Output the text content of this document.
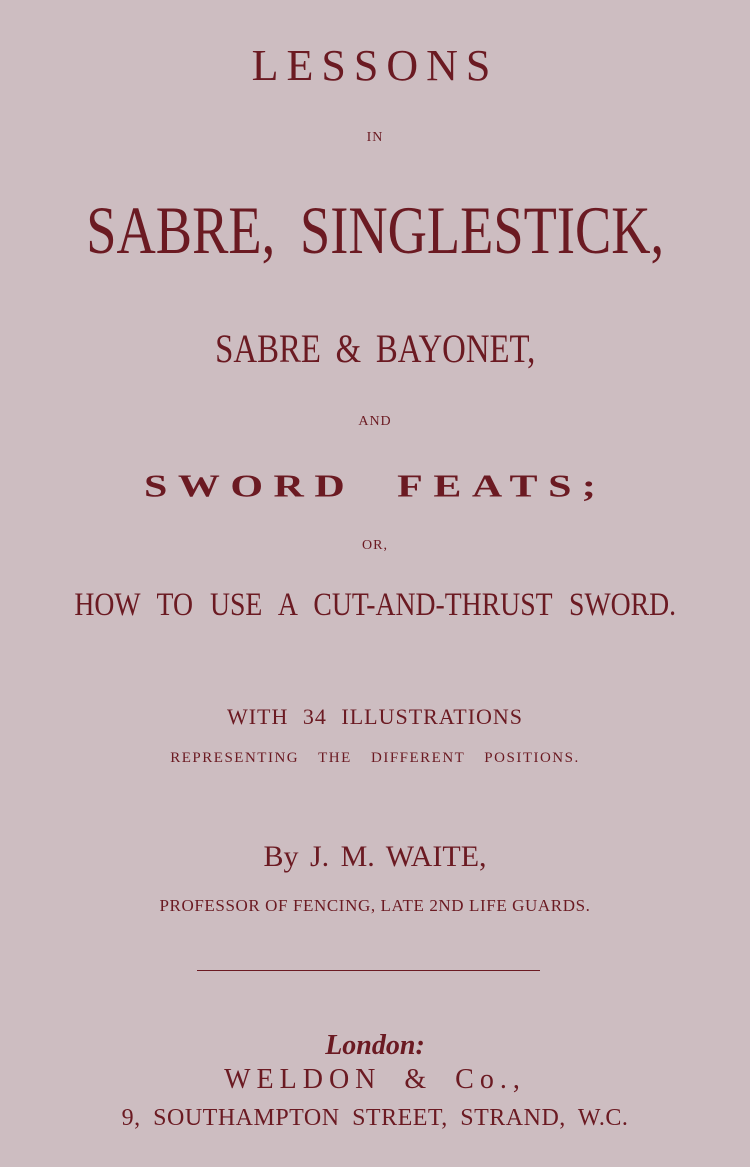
LESSONS
IN
SABRE, SINGLESTICK,
SABRE & BAYONET,
AND
SWORD FEATS;
OR,
HOW TO USE A CUT-AND-THRUST SWORD.
WITH 34 ILLUSTRATIONS
REPRESENTING THE DIFFERENT POSITIONS.
By J. M. WAITE,
PROFESSOR OF FENCING, LATE 2ND LIFE GUARDS.
London:
WELDON & Co.,
9, SOUTHAMPTON STREET, STRAND, W.C.
